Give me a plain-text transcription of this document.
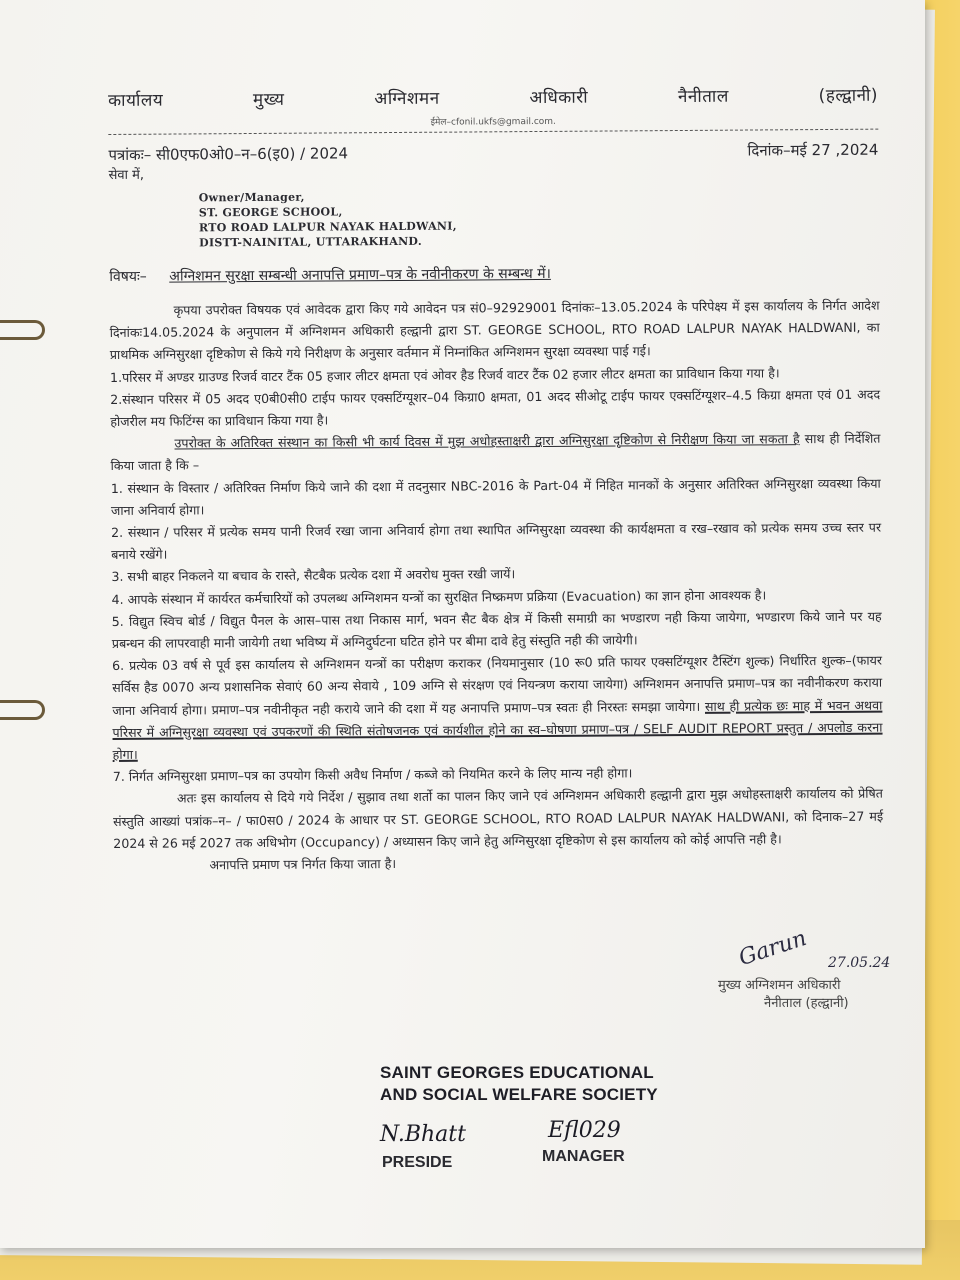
कार्यालय	मुख्य	अग्निशमन	अधिकारी	नैनीताल	(हल्द्वानी)
ईमेल–cfonil.ukfs@gmail.com.
पत्रांकः– सी0एफ0ओ0–न–6(इ0) / 2024	दिनांक–मई 27 ,2024
सेवा में,
Owner/Manager,
ST. GEORGE SCHOOL,
RTO ROAD LALPUR NAYAK HALDWANI,
DISTT-NAINITAL, UTTARAKHAND.
विषयः– अग्निशमन सुरक्षा सम्बन्धी अनापत्ति प्रमाण–पत्र के नवीनीकरण के सम्बन्ध में।

कृपया उपरोक्त विषयक एवं आवेदक द्वारा किए गये आवेदन पत्र सं0–92929001 दिनांकः–13.05.2024 के परिपेक्ष्य में इस कार्यालय के निर्गत आदेश दिनांकः14.05.2024 के अनुपालन में अग्निशमन अधिकारी हल्द्वानी द्वारा ST. GEORGE SCHOOL, RTO ROAD LALPUR NAYAK HALDWANI, का प्राथमिक अग्निसुरक्षा दृष्टिकोण से किये गये निरीक्षण के अनुसार वर्तमान में निम्नांकित अग्निशमन सुरक्षा व्यवस्था पाई गई।

1.परिसर में अण्डर ग्राउण्ड रिजर्व वाटर टैंक 05 हजार लीटर क्षमता एवं ओवर हैड रिजर्व वाटर टैंक 02 हजार लीटर क्षमता का प्राविधान किया गया है।

2.संस्थान परिसर में 05 अदद ए0बी0सी0 टाईप फायर एक्सटिंग्यूशर–04 किग्रा0 क्षमता, 01 अदद सीओटू टाईप फायर एक्सटिंग्यूशर–4.5 किग्रा क्षमता एवं 01 अदद होजरील मय फिटिंग्स का प्राविधान किया गया है।

उपरोक्त के अतिरिक्त संस्थान का किसी भी कार्य दिवस में मुझ अधोहस्ताक्षरी द्वारा अग्निसुरक्षा दृष्टिकोण से निरीक्षण किया जा सकता है साथ ही निर्देशित किया जाता है कि –

1. संस्थान के विस्तार / अतिरिक्त निर्माण किये जाने की दशा में तदनुसार NBC-2016 के Part-04 में निहित मानकों के अनुसार अतिरिक्त अग्निसुरक्षा व्यवस्था किया जाना अनिवार्य होगा।

2. संस्थान / परिसर में प्रत्येक समय पानी रिजर्व रखा जाना अनिवार्य होगा तथा स्थापित अग्निसुरक्षा व्यवस्था की कार्यक्षमता व रख–रखाव को प्रत्येक समय उच्च स्तर पर बनाये रखेंगे।

3. सभी बाहर निकलने या बचाव के रास्ते, सैटबैक प्रत्येक दशा में अवरोध मुक्त रखी जायें।

4. आपके संस्थान में कार्यरत कर्मचारियों को उपलब्ध अग्निशमन यन्त्रों का सुरक्षित निष्क्रमण प्रक्रिया (Evacuation) का ज्ञान होना आवश्यक है।

5. विद्युत स्विच बोर्ड / विद्युत पैनल के आस–पास तथा निकास मार्ग, भवन सैट बैक क्षेत्र में किसी समाग्री का भण्डारण नही किया जायेगा, भण्डारण किये जाने पर यह प्रबन्धन की लापरवाही मानी जायेगी तथा भविष्य में अग्निदुर्घटना घटित होने पर बीमा दावे हेतु संस्तुति नही की जायेगी।

6. प्रत्येक 03 वर्ष से पूर्व इस कार्यालय से अग्निशमन यन्त्रों का परीक्षण कराकर (नियमानुसार (10 रू0 प्रति फायर एक्सटिंग्यूशर टैस्टिंग शुल्क) निर्धारित शुल्क–(फायर सर्विस हैड 0070 अन्य प्रशासनिक सेवाएं 60 अन्य सेवाये , 109 अग्नि से संरक्षण एवं नियन्त्रण कराया जायेगा) अग्निशमन अनापत्ति प्रमाण–पत्र का नवीनीकरण कराया जाना अनिवार्य होगा। प्रमाण–पत्र नवीनीकृत नही कराये जाने की दशा में यह अनापत्ति प्रमाण–पत्र स्वतः ही निरस्तः समझा जायेगा। साथ ही प्रत्येक छः माह में भवन अथवा परिसर में अग्निसुरक्षा व्यवस्था एवं उपकरणों की स्थिति संतोषजनक एवं कार्यशील होने का स्व–घोषणा प्रमाण–पत्र / SELF AUDIT REPORT प्रस्तुत / अपलोड करना होगा।

7. निर्गत अग्निसुरक्षा प्रमाण–पत्र का उपयोग किसी अवैध निर्माण / कब्जे को नियमित करने के लिए मान्य नही होगा।

अतः इस कार्यालय से दिये गये निर्देश / सुझाव तथा शर्तो का पालन किए जाने एवं अग्निशमन अधिकारी हल्द्वानी द्वारा मुझ अधोहस्ताक्षरी कार्यालय को प्रेषित संस्तुति आख्यां पत्रांक–न– / फा0स0 / 2024 के आधार पर ST. GEORGE SCHOOL, RTO ROAD LALPUR NAYAK HALDWANI, को दिनाक–27 मई 2024 से 26 मई 2027 तक अधिभोग (Occupancy) / अध्यासन किए जाने हेतु अग्निसुरक्षा दृष्टिकोण से इस कार्यालय को कोई आपत्ति नही है।

अनापत्ति प्रमाण पत्र निर्गत किया जाता है।

Garun 27.05.24
मुख्य अग्निशमन अधिकारी
नैनीताल (हल्द्वानी)
SAINT GEORGES EDUCATIONAL
AND SOCIAL WELFARE SOCIETY
N.Bhatt	Efl029
PRESIDE	MANAGER
